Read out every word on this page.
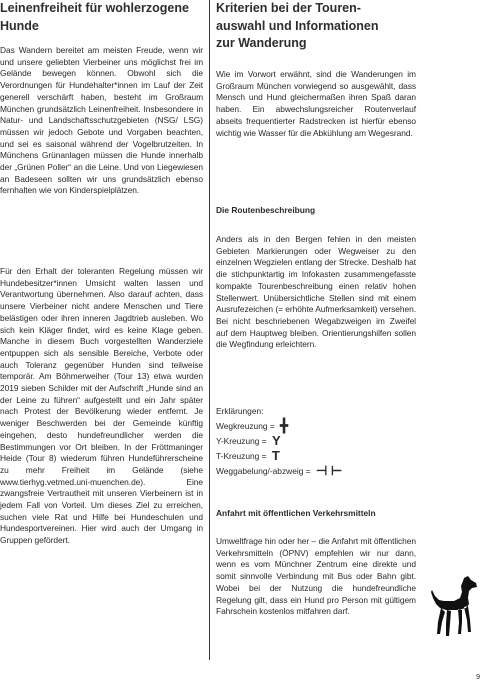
Leinenfreiheit für wohlerzogene
Hunde

Das Wandern bereitet am meisten Freude, wenn wir und unsere geliebten Vierbeiner uns möglichst frei im Gelände bewegen können. Obwohl sich die Verordnungen für Hundehalter*innen im Lauf der Zeit generell verschärft haben, besteht im Großraum München grundsätzlich Leinenfreiheit. Insbesondere in Natur- und Landschaftsschutzgebieten (NSG/ LSG) müssen wir jedoch Gebote und Vorgaben beachten, und sei es saisonal während der Vogelbrutzeiten. In Münchens Grünanlagen müssen die Hunde innerhalb der „Grünen Poller“ an die Leine. Und von Liegewiesen an Badeseen sollten wir uns grundsätzlich ebenso fernhalten wie von Kinderspielplätzen.

Für den Erhalt der toleranten Regelung müssen wir Hundebesitzer*innen Umsicht walten lassen und Verantwortung übernehmen. Also darauf achten, dass unsere Vierbeiner nicht andere Menschen und Tiere belästigen oder ihren inneren Jagdtrieb ausleben. Wo sich kein Kläger findet, wird es keine Klage geben. Manche in diesem Buch vorgestellten Wanderziele entpuppen sich als sensible Bereiche, Verbote oder auch Toleranz gegenüber Hunden sind teilweise temporär. Am Böhmerweiher (Tour 13) etwa wurden 2019 sieben Schilder mit der Aufschrift „Hunde sind an der Leine zu führen“ aufgestellt und ein Jahr später nach Protest der Bevölkerung wieder entfernt. Je weniger Beschwerden bei der Gemeinde künftig eingehen, desto hundefreundlicher werden die Bestimmungen vor Ort bleiben. In der Fröttmaninger Heide (Tour 8) wiederum führen Hundeführerscheine zu mehr Freiheit im Gelände (siehe www.tierhyg.vetmed.uni-muenchen.de). Eine zwangsfreie Vertrautheit mit unseren Vierbeinern ist in jedem Fall von Vorteil. Um dieses Ziel zu erreichen, suchen viele Rat und Hilfe bei Hundeschulen und Hundesportvereinen. Hier wird auch der Umgang in Gruppen gefördert.

Kriterien bei der Touren-
auswahl und Informationen
zur Wanderung

Wie im Vorwort erwähnt, sind die Wanderungen im Großraum München vorwiegend so ausgewählt, dass Mensch und Hund gleichermaßen ihren Spaß daran haben. Ein abwechslungsreicher Routenverlauf abseits frequentierter Radstrecken ist hierfür ebenso wichtig wie Wasser für die Abkühlung am Wegesrand.

Die Routenbeschreibung

Anders als in den Bergen fehlen in den meisten Gebieten Markierungen oder Wegweiser zu den einzelnen Wegzielen entlang der Strecke. Deshalb hat die stichpunktartig im Infokasten zusammengefasste kompakte Tourenbeschreibung einen relativ hohen Stellenwert. Unübersichtliche Stellen sind mit einem Ausrufezeichen (= erhöhte Aufmerksamkeit) versehen. Bei nicht beschriebenen Wegabzweigen im Zweifel auf dem Hauptweg bleiben. Orientierungshilfen sollen die Wegfindung erleichtern.

Erklärungen:
Wegkreuzung = ╋
Y-Kreuzung = Y
T-Kreuzung = T
Weggabelung/-abzweig = ⊣ ⊢

Anfahrt mit öffentlichen Verkehrsmitteln

Umweltfrage hin oder her – die Anfahrt mit öffentlichen Verkehrsmitteln (ÖPNV) empfehlen wir nur dann, wenn es vom Münchner Zentrum eine direkte und somit sinnvolle Verbindung mit Bus oder Bahn gibt. Wobei bei der Nutzung die hundefreundliche Regelung gilt, dass ein Hund pro Person mit gültigem Fahrschein kostenlos mitfahren darf.

9
